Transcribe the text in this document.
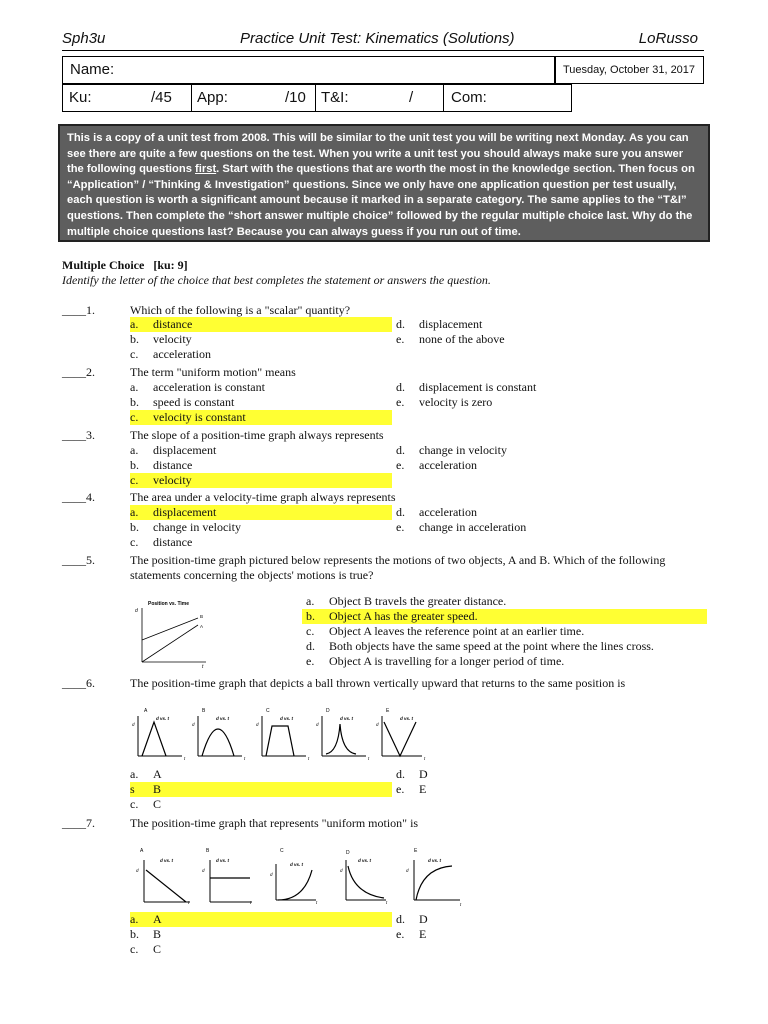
Sph3u	Practice Unit Test: Kinematics (Solutions)	LoRusso
Name:	Tuesday, October 31, 2017
Ku:	/45 App:	/10 T&I:	/	Com:
This is a copy of a unit test from 2008. This will be similar to the unit test you will be writing next Monday. As you can see there are quite a few questions on the test. When you write a unit test you should always make sure you answer the following questions first. Start with the questions that are worth the most in the knowledge section. Then focus on “Application” / “Thinking & Investigation” questions. Since we only have one application question per test usually, each question is worth a significant amount because it marked in a separate category. The same applies to the “T&I” questions. Then complete the “short answer multiple choice” followed by the regular multiple choice last. Why do the multiple choice questions last? Because you can always guess if you run out of time.
Multiple Choice [ku: 9]
Identify the letter of the choice that best completes the statement or answers the question.
____1.	Which of the following is a "scalar" quantity?
a. distance
b. velocity
c. acceleration
d. displacement
e. none of the above
____2.	The term "uniform motion" means
a. acceleration is constant
b. speed is constant
c. velocity is constant
d. displacement is constant
e. velocity is zero
____3.	The slope of a position-time graph always represents
a. displacement
b. distance
c. velocity
d. change in velocity
e. acceleration
____4.	The area under a velocity-time graph always represents
a. displacement
b. change in velocity
c. distance
d. acceleration
e. change in acceleration
____5.	The position-time graph pictured below represents the motions of two objects, A and B. Which of the following statements concerning the objects' motions is true?
Position vs. Time
d
t
B
A
a. Object B travels the greater distance.
b. Object A has the greater speed.
c. Object A leaves the reference point at an earlier time.
d. Both objects have the same speed at the point where the lines cross.
e. Object A is travelling for a longer period of time.
____6.	The position-time graph that depicts a ball thrown vertically upward that returns to the same position is
A
d vs. t
d
t
B
d vs. t
d
t
C
d vs. t
d
t
D
d vs. t
d
t
E
d vs. t
d
t
a. A
s B
c. C
d. D
e. E
____7.	The position-time graph that represents "uniform motion" is
A
d vs. t
d
B
d vs. t
d
C
d vs. t
d
t
D
d vs. t
d
t
E
d vs. t
d
t
a. A
b. B
c. C
d. D
e. E
